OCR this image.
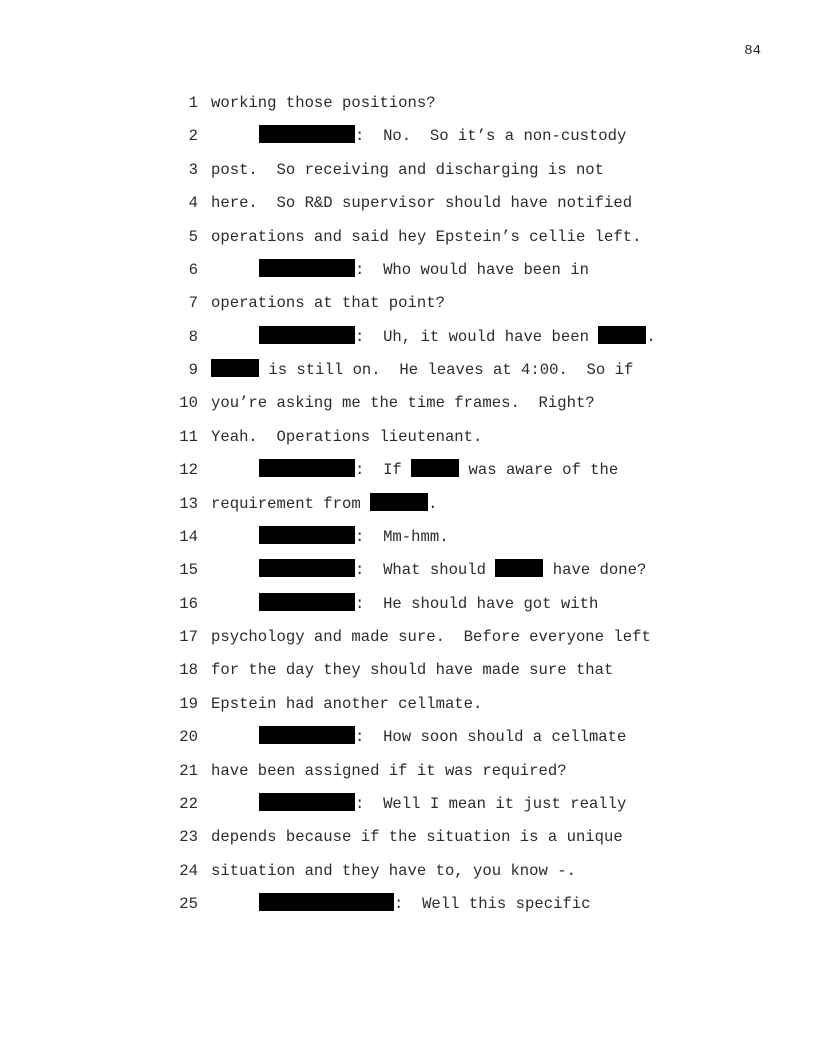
84
1 working those positions?
2	:  No.  So it’s a non-custody
3 post.  So receiving and discharging is not
4 here.  So R&D supervisor should have notified
5 operations and said hey Epstein’s cellie left.
6	:  Who would have been in
7 operations at that point?
8	:  Uh, it would have been	.
9	is still on.  He leaves at 4:00.  So if
10 you’re asking me the time frames.  Right?
11 Yeah.  Operations lieutenant.
12	:  If	was aware of the
13 requirement from	.
14	:  Mm-hmm.
15	:  What should	have done?
16	:  He should have got with
17 psychology and made sure.  Before everyone left
18 for the day they should have made sure that
19 Epstein had another cellmate.
20	:  How soon should a cellmate
21 have been assigned if it was required?
22	:  Well I mean it just really
23 depends because if the situation is a unique
24 situation and they have to, you know -.
25	:  Well this specific
